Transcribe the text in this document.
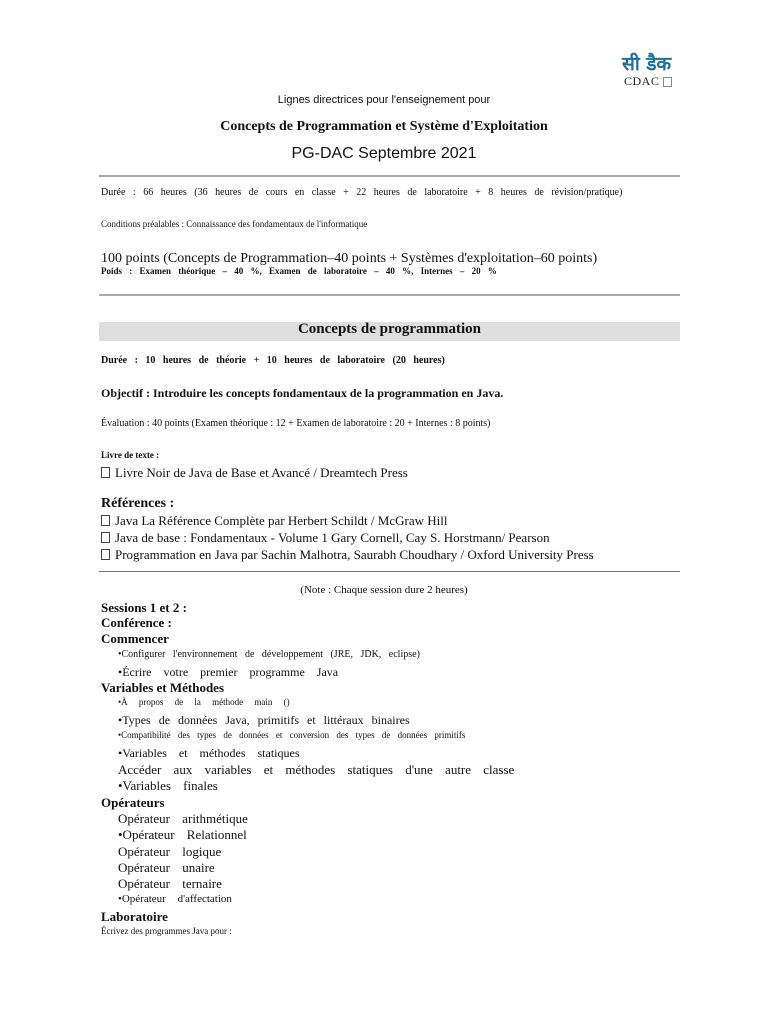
सी डैक
CDAC
Lignes directrices pour l'enseignement pour
Concepts de Programmation et Système d'Exploitation
PG-DAC Septembre 2021
Durée : 66 heures (36 heures de cours en classe + 22 heures de laboratoire + 8 heures de révision/pratique)
Conditions préalables : Connaissance des fondamentaux de l'informatique
100 points (Concepts de Programmation–40 points + Systèmes d'exploitation–60 points)
Poids : Examen théorique – 40 %, Examen de laboratoire – 40 %, Internes – 20 %
Concepts de programmation
Durée : 10 heures de théorie + 10 heures de laboratoire (20 heures)
Objectif : Introduire les concepts fondamentaux de la programmation en Java.
Évaluation : 40 points (Examen théorique : 12 + Examen de laboratoire : 20 + Internes : 8 points)
Livre de texte :
Livre Noir de Java de Base et Avancé / Dreamtech Press
Références :
Java La Référence Complète par Herbert Schildt / McGraw Hill
Java de base : Fondamentaux - Volume 1 Gary Cornell, Cay S. Horstmann/ Pearson
Programmation en Java par Sachin Malhotra, Saurabh Choudhary / Oxford University Press
(Note : Chaque session dure 2 heures)
Sessions 1 et 2 :
Conférence :
Commencer
•Configurer l'environnement de développement (JRE, JDK, eclipse)
•Écrire votre premier programme Java
Variables et Méthodes
•À propos de la méthode main ()
•Types de données Java, primitifs et littéraux binaires
•Compatibilité des types de données et conversion des types de données primitifs
•Variables et méthodes statiques
Accéder aux variables et méthodes statiques d'une autre classe
•Variables finales
Opérateurs
Opérateur arithmétique
•Opérateur Relationnel
Opérateur logique
Opérateur unaire
Opérateur ternaire
•Opérateur d'affectation
Laboratoire
Écrivez des programmes Java pour :
